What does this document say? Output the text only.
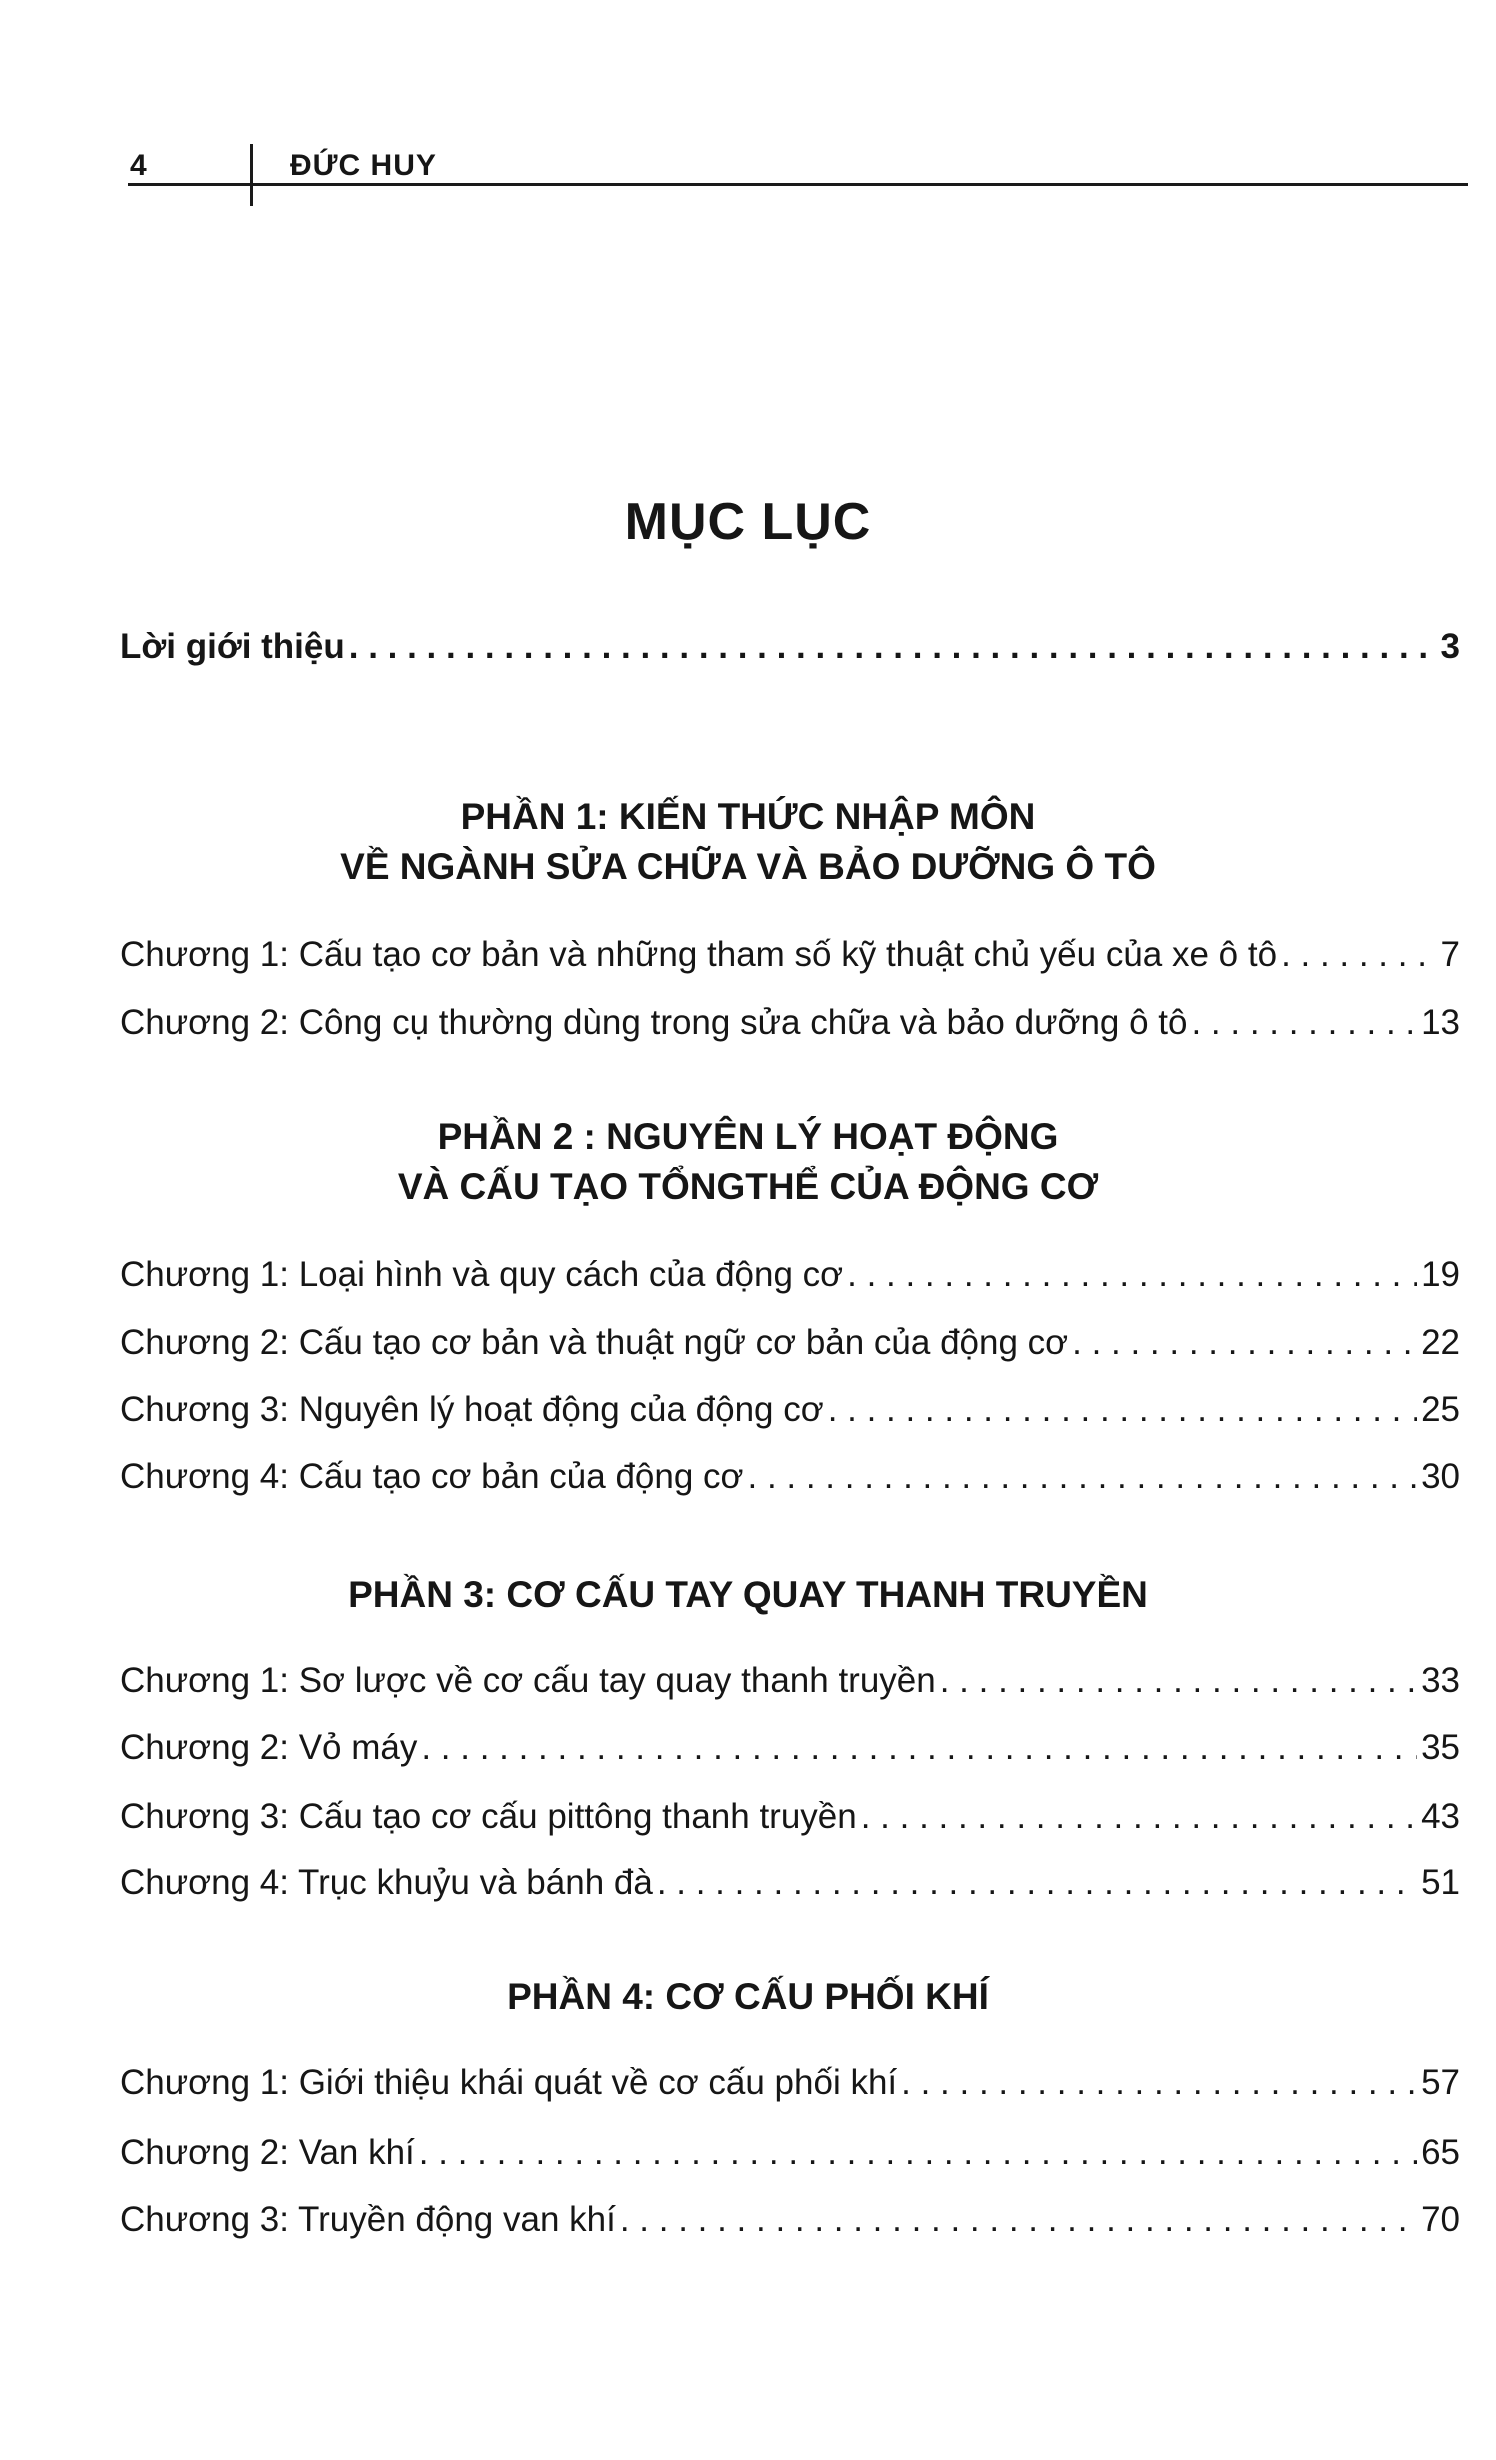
4	ĐỨC HUY
MỤC LỤC
Lời giới thiệu . . .	3
PHẦN 1: KIẾN THỨC NHẬP MÔN
VỀ NGÀNH SỬA CHỮA VÀ BẢO DƯỠNG Ô TÔ
Chương 1: Cấu tạo cơ bản và những tham số kỹ thuật chủ yếu của xe ô tô . . .	7
Chương 2: Công cụ thường dùng trong sửa chữa và bảo dưỡng ô tô . . .	13
PHẦN 2 : NGUYÊN LÝ HOẠT ĐỘNG
VÀ CẤU TẠO TỔNGTHỂ CỦA ĐỘNG CƠ
Chương 1: Loại hình và quy cách của động cơ . . .	19
Chương 2: Cấu tạo cơ bản và thuật ngữ cơ bản của động cơ . . .	22
Chương 3: Nguyên lý hoạt động của động cơ . . .	25
Chương 4: Cấu tạo cơ bản của động cơ . . .	30
PHẦN 3: CƠ CẤU TAY QUAY THANH TRUYỀN
Chương 1: Sơ lược về cơ cấu tay quay thanh truyền . . .	33
Chương 2: Vỏ máy . . .	35
Chương 3: Cấu tạo cơ cấu pittông thanh truyền . . .	43
Chương 4: Trục khuỷu và bánh đà . . .	51
PHẦN 4: CƠ CẤU PHỐI KHÍ
Chương 1: Giới thiệu khái quát về cơ cấu phối khí . . .	57
Chương 2: Van khí . . .	65
Chương 3: Truyền động van khí . . .	70
